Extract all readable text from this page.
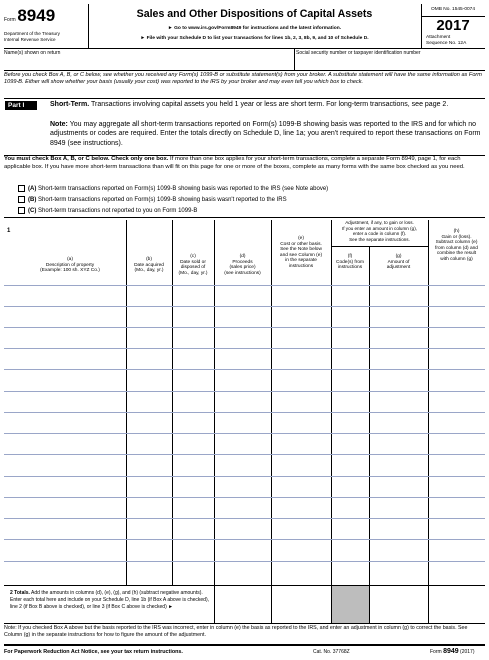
Form 8949
Department of the Treasury
Internal Revenue Service
Sales and Other Dispositions of Capital Assets
► Go to www.irs.gov/Form8949 for instructions and the latest information.
► File with your Schedule D to list your transactions for lines 1b, 2, 3, 8b, 9, and 10 of Schedule D.
OMB No. 1545-0074
2017
Attachment
Sequence No. 12A
Name(s) shown on return	Social security number or taxpayer identification number
Before you check Box A, B, or C below, see whether you received any Form(s) 1099-B or substitute statement(s) from your broker. A substitute statement will have the same information as Form 1099-B. Either will show whether your basis (usually your cost) was reported to the IRS by your broker and may even tell you which box to check.
Part I	Short-Term. Transactions involving capital assets you held 1 year or less are short term. For long-term transactions, see page 2.
Note: You may aggregate all short-term transactions reported on Form(s) 1099-B showing basis was reported to the IRS and for which no adjustments or codes are required. Enter the totals directly on Schedule D, line 1a; you aren't required to report these transactions on Form 8949 (see instructions).
You must check Box A, B, or C below. Check only one box. If more than one box applies for your short-term transactions, complete a separate Form 8949, page 1, for each applicable box. If you have more short-term transactions than will fit on this page for one or more of the boxes, complete as many forms with the same box checked as you need.
(A) Short-term transactions reported on Form(s) 1099-B showing basis was reported to the IRS (see Note above)
(B) Short-term transactions reported on Form(s) 1099-B showing basis wasn't reported to the IRS
(C) Short-term transactions not reported to you on Form 1099-B
1
Adjustment, if any, to gain or loss.
If you enter an amount in column (g),
enter a code in column (f).
See the separate instructions.
(a)
Description of property
(Example: 100 sh. XYZ Co.)
(b)
Date acquired
(Mo., day, yr.)
(c)
Date sold or
disposed of
(Mo., day, yr.)
(d)
Proceeds
(sales price)
(see instructions)
(e)
Cost or other basis.
See the Note below
and see Column (e)
in the separate
instructions
(f)
Code(s) from
instructions
(g)
Amount of
adjustment
(h)
Gain or (loss).
Subtract column (e)
from column (d) and
combine the result
with column (g)
2 Totals. Add the amounts in columns (d), (e), (g), and (h) (subtract negative amounts). Enter each total here and include on your Schedule D, line 1b (if Box A above is checked), line 2 (if Box B above is checked), or line 3 (if Box C above is checked) ►
Note: If you checked Box A above but the basis reported to the IRS was incorrect, enter in column (e) the basis as reported to the IRS, and enter an adjustment in column (g) to correct the basis. See Column (g) in the separate instructions for how to figure the amount of the adjustment.
For Paperwork Reduction Act Notice, see your tax return instructions.	Cat. No. 37768Z	Form 8949 (2017)
